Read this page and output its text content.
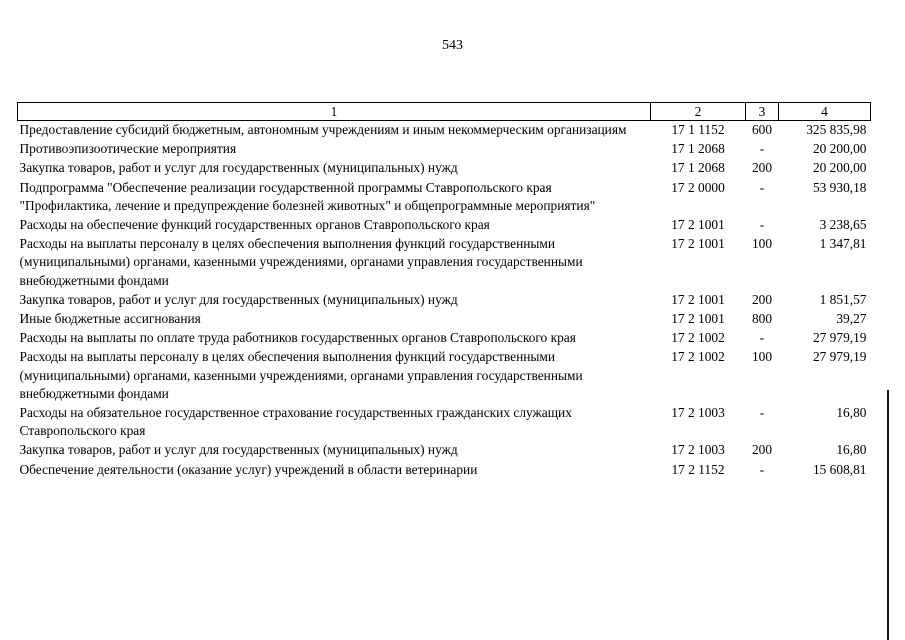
543
1	2	3	4
Предоставление субсидий бюджетным, автономным учреждениям и иным некоммерческим организациям	17 1 1152	600	325 835,98
Противоэпизоотические мероприятия	17 1 2068	-	20 200,00
Закупка товаров, работ и услуг для государственных (муниципальных) нужд	17 1 2068	200	20 200,00
Подпрограмма "Обеспечение реализации государственной программы Ставропольского края "Профилактика, лечение и предупреждение болезней животных" и общепрограммные мероприятия"	17 2 0000	-	53 930,18
Расходы на обеспечение функций государственных органов Ставропольского края	17 2 1001	-	3 238,65
Расходы на выплаты персоналу в целях обеспечения выполнения функций государственными (муниципальными) органами, казенными учреждениями, органами управления государственными внебюджетными фондами	17 2 1001	100	1 347,81
Закупка товаров, работ и услуг для государственных (муниципальных) нужд	17 2 1001	200	1 851,57
Иные бюджетные ассигнования	17 2 1001	800	39,27
Расходы на выплаты по оплате труда работников государственных органов Ставропольского края	17 2 1002	-	27 979,19
Расходы на выплаты персоналу в целях обеспечения выполнения функций государственными (муниципальными) органами, казенными учреждениями, органами управления государственными внебюджетными фондами	17 2 1002	100	27 979,19
Расходы на обязательное государственное страхование государственных гражданских служащих Ставропольского края	17 2 1003	-	16,80
Закупка товаров, работ и услуг для государственных (муниципальных) нужд	17 2 1003	200	16,80
Обеспечение деятельности (оказание услуг) учреждений в области ветеринарии	17 2 1152	-	15 608,81
